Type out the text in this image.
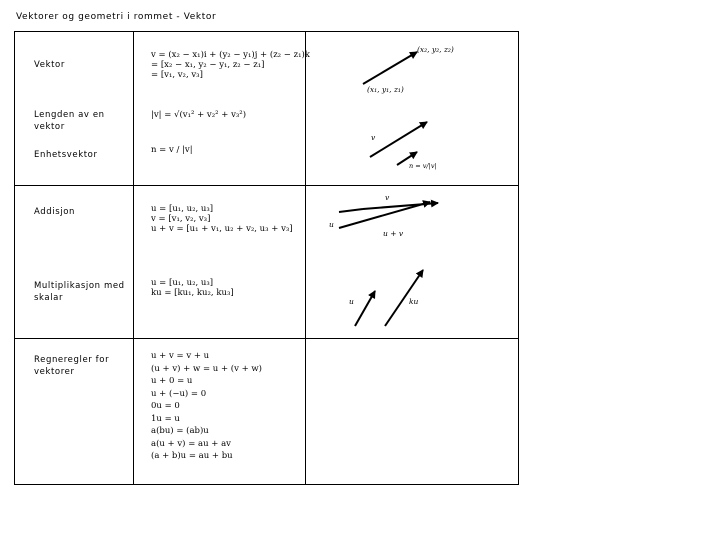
Vektorer og geometri i rommet - Vektor
Vektor
Lengden av en vektor
Enhetsvektor
Addisjon
Multiplikasjon med skalar
Regneregler for vektorer
v = (x₂ − x₁)i + (y₂ − y₁)j + (z₂ − z₁)k
= [x₂ − x₁, y₂ − y₁, z₂ − z₁]
= [v₁, v₂, v₃]
|v| = √(v₁² + v₂² + v₃²)
n = v / |v|
u = [u₁, u₂, u₃]
v = [v₁, v₂, v₃]
u + v = [u₁ + v₁, u₂ + v₂, u₃ + v₃]
u = [u₁, u₂, u₃]
ku = [ku₁, ku₂, ku₃]
u + v = v + u
(u + v) + w = u + (v + w)
u + 0 = u
u + (−u) = 0
0u = 0
1u = u
a(bu) = (ab)u
a(u + v) = au + av
(a + b)u = au + bu
(x₂, y₂, z₂)
(x₁, y₁, z₁)
v
n = v/|v|
u
v
u + v
u	ku
